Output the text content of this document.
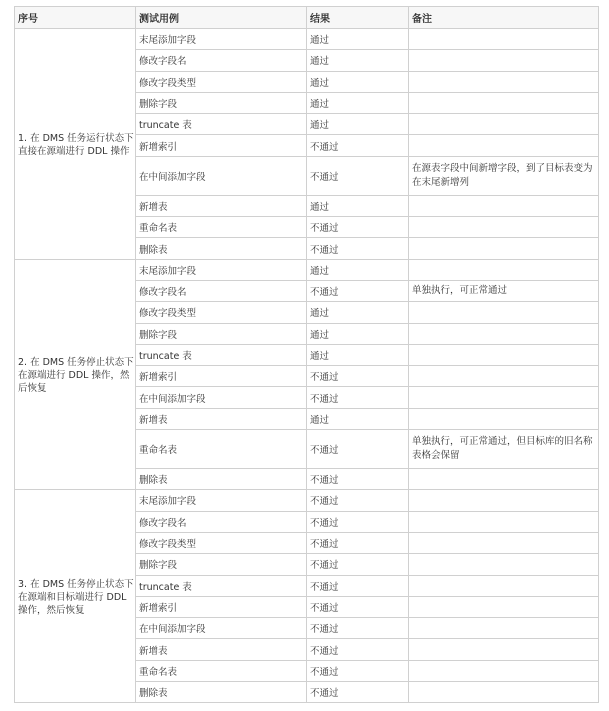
序号	测试用例	结果	备注
1. 在 DMS 任务运行状态下直接在源端进行 DDL 操作	末尾添加字段	通过	
	修改字段名	通过	
	修改字段类型	通过	
	删除字段	通过	
	truncate 表	通过	
	新增索引	不通过	
	在中间添加字段	不通过	在源表字段中间新增字段，到了目标表变为在末尾新增列
	新增表	通过	
	重命名表	不通过	
	删除表	不通过	
2. 在 DMS 任务停止状态下在源端进行 DDL 操作，然后恢复	末尾添加字段	通过	
	修改字段名	不通过	单独执行，可正常通过
	修改字段类型	通过	
	删除字段	通过	
	truncate 表	通过	
	新增索引	不通过	
	在中间添加字段	不通过	
	新增表	通过	
	重命名表	不通过	单独执行，可正常通过，但目标库的旧名称表格会保留
	删除表	不通过	
3. 在 DMS 任务停止状态下在源端和目标端进行 DDL 操作，然后恢复	末尾添加字段	不通过	
	修改字段名	不通过	
	修改字段类型	不通过	
	删除字段	不通过	
	truncate 表	不通过	
	新增索引	不通过	
	在中间添加字段	不通过	
	新增表	不通过	
	重命名表	不通过	
	删除表	不通过	
